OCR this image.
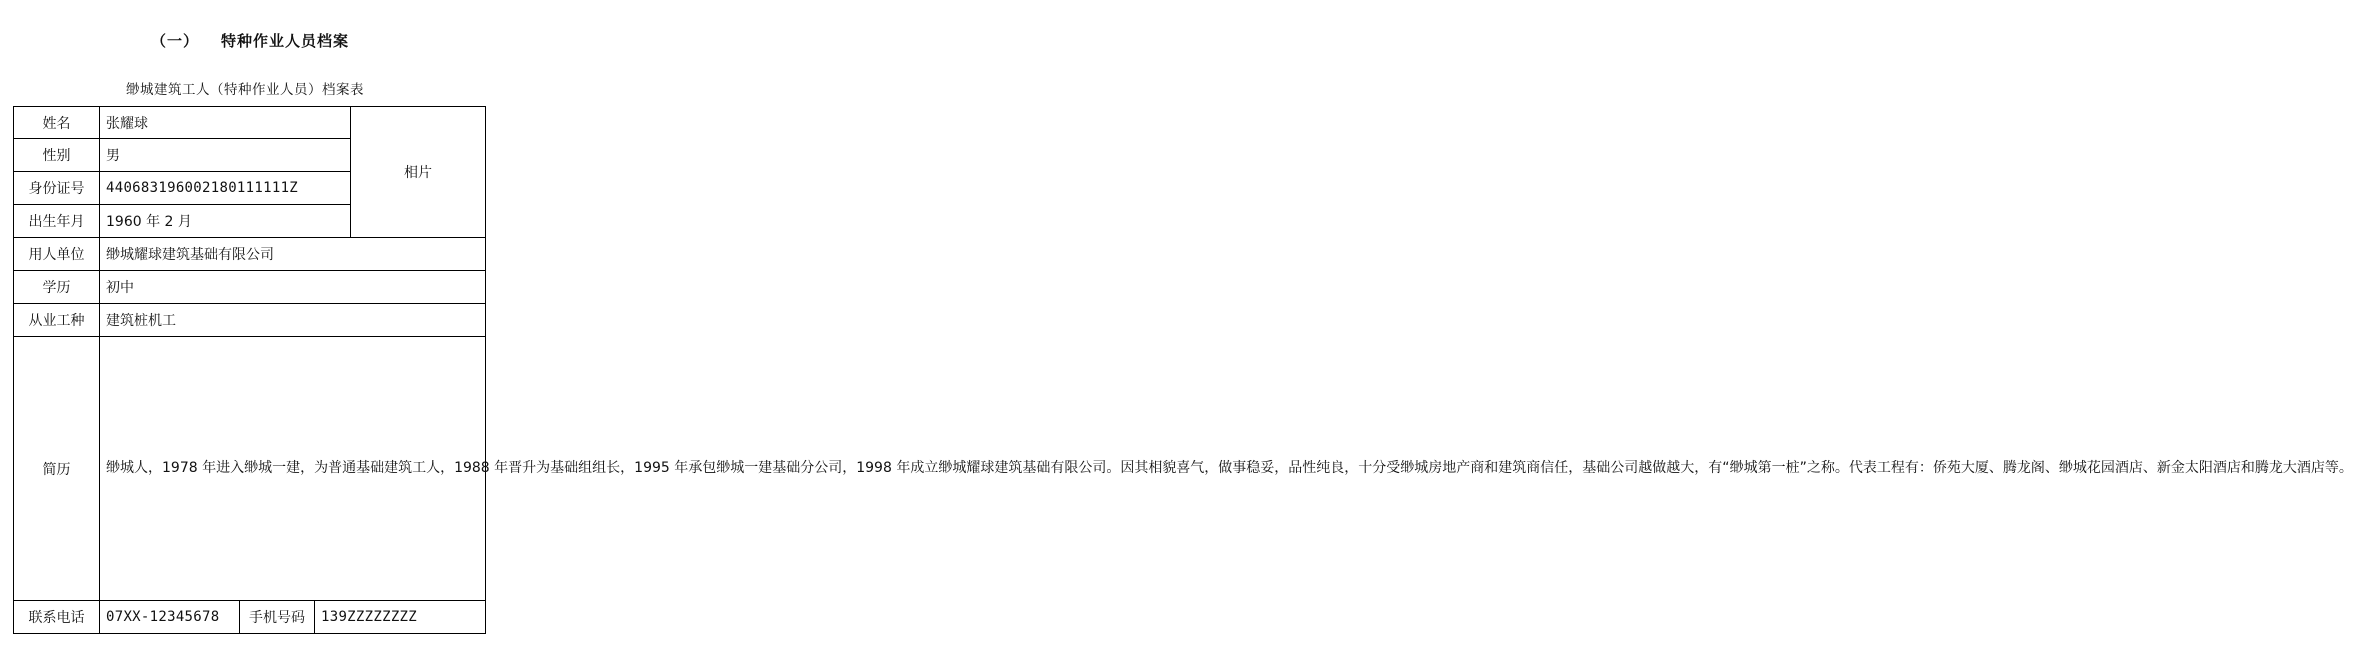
（一） 特种作业人员档案
缈城建筑工人（特种作业人员）档案表
姓名	张耀球			相片
性别	男			
身份证号	440683196002180111111Z			
出生年月	1960 年 2 月			
用人单位	缈城耀球建筑基础有限公司			
学历	初中			
从业工种	建筑桩机工			
简历	缈城人，1978 年进入缈城一建，为普通基础建筑工人，1988 年晋升为基础组组长，1995 年承包缈城一建基础分公司，1998 年成立缈城耀球建筑基础有限公司。因其相貌喜气，做事稳妥，品性纯良，十分受缈城房地产商和建筑商信任，基础公司越做越大，有“缈城第一桩”之称。代表工程有：侨苑大厦、腾龙阁、缈城花园酒店、新金太阳酒店和腾龙大酒店等。			
联系电话	07XX-12345678	手机号码	139ZZZZZZZZ	
